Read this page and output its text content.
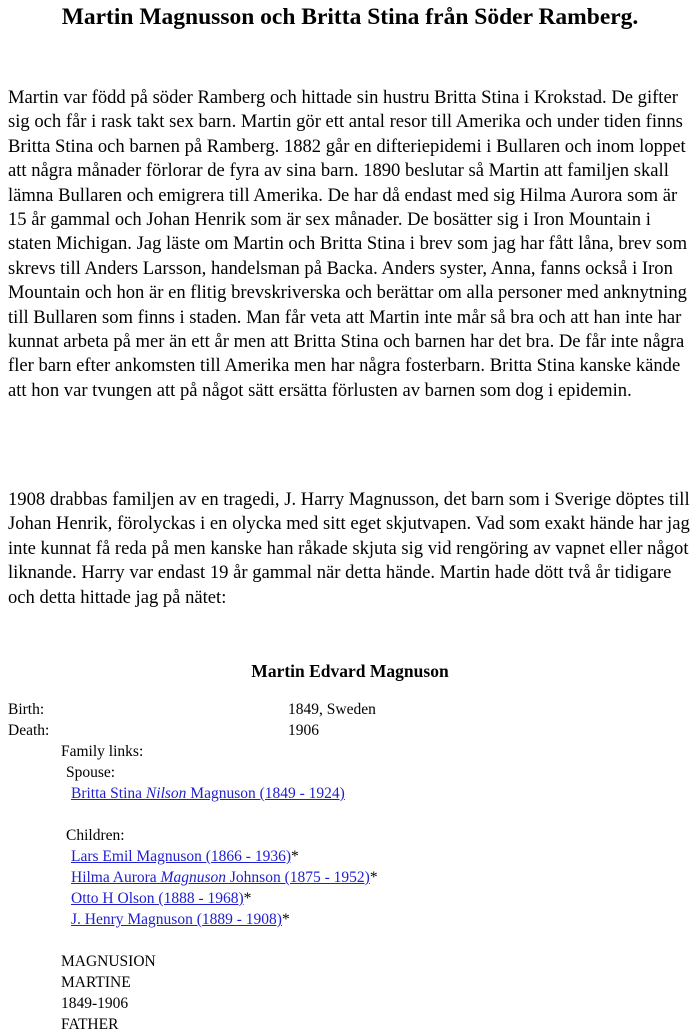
Martin Magnusson och Britta Stina från Söder Ramberg.

Martin var född på söder Ramberg och hittade sin hustru Britta Stina i Krokstad. De gifter sig och får i rask takt sex barn. Martin gör ett antal resor till Amerika och under tiden finns Britta Stina och barnen på Ramberg. 1882 går en difteriepidemi i Bullaren och inom loppet att några månader förlorar de fyra av sina barn. 1890 beslutar så Martin att familjen skall lämna Bullaren och emigrera till Amerika. De har då endast med sig Hilma Aurora som är 15 år gammal och Johan Henrik som är sex månader. De bosätter sig i Iron Mountain i staten Michigan. Jag läste om Martin och Britta Stina i brev som jag har fått låna, brev som skrevs till Anders Larsson, handelsman på Backa. Anders syster, Anna, fanns också i Iron Mountain och hon är en flitig brevskriverska och berättar om alla personer med anknytning till Bullaren som finns i staden. Man får veta att Martin inte mår så bra och att han inte har kunnat arbeta på mer än ett år men att Britta Stina och barnen har det bra. De får inte några fler barn efter ankomsten till Amerika men har några fosterbarn. Britta Stina kanske kände att hon var tvungen att på något sätt ersätta förlusten av barnen som dog i epidemin.

1908 drabbas familjen av en tragedi, J. Harry Magnusson, det barn som i Sverige döptes till Johan Henrik, förolyckas i en olycka med sitt eget skjutvapen. Vad som exakt hände har jag inte kunnat få reda på men kanske han råkade skjuta sig vid rengöring av vapnet eller något liknande. Harry var endast 19 år gammal när detta hände. Martin hade dött två år tidigare och detta hittade jag på nätet:

Martin Edvard Magnuson
Birth:	1849, Sweden
Death:	1906
Family links:
Spouse:
Britta Stina Nilson Magnuson (1849 - 1924)
Children:
Lars Emil Magnuson (1866 - 1936)*
Hilma Aurora Magnuson Johnson (1875 - 1952)*
Otto H Olson (1888 - 1968)*
J. Henry Magnuson (1889 - 1908)*
MAGNUSION
MARTINE
1849-1906
FATHER
